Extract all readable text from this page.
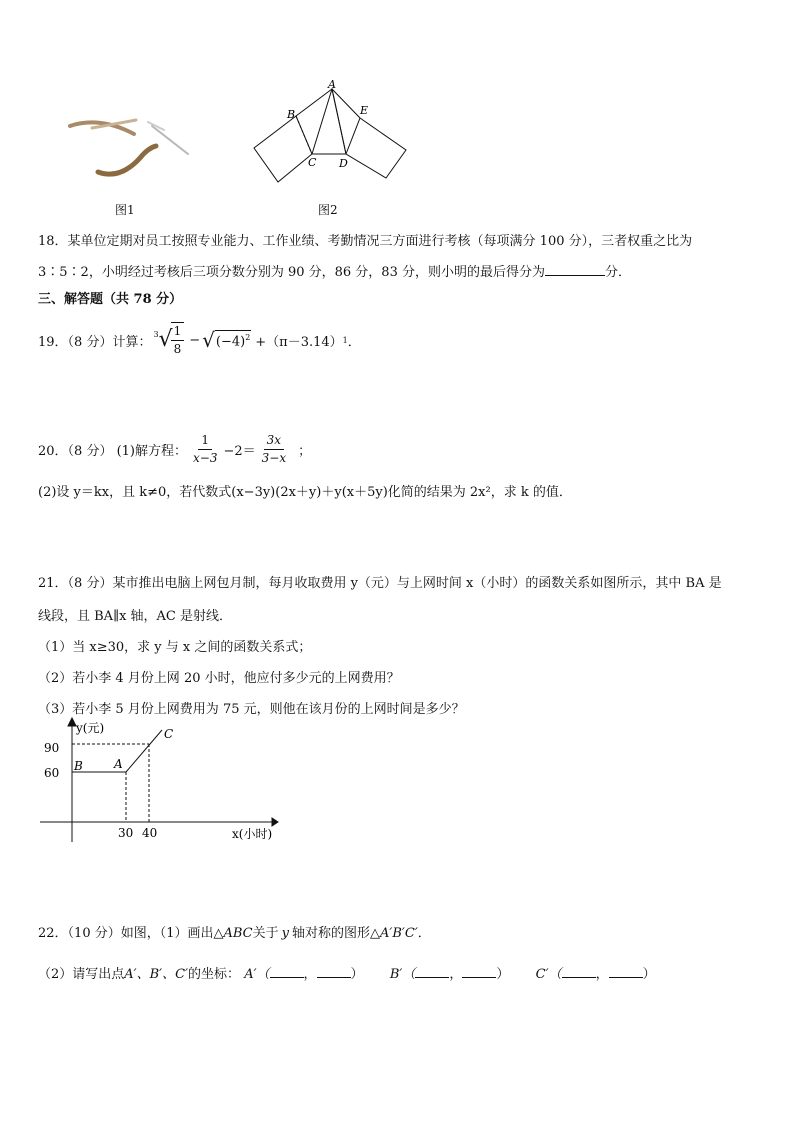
图1
A
B
C D
E
图2
18．某单位定期对员工按照专业能力、工作业绩、考勤情况三方面进行考核（每项满分 100 分），三者权重之比为
3∶5∶2，小明经过考核后三项分数分别为 90 分，86 分，83 分，则小明的最后得分为	分．
三、解答题（共 78 分）
19．（8 分）计算：
$^3$ √
$\frac{1}{8}$ − √ $(-4)^2 +(\pi-3.14)$ 1 ．
20．（8 分） (1)解方程： $\frac{1}{x-3} -2= \frac{3x}{3-x}$ ；
(2)设 y＝kx，且 k≠0，若代数式(x−3y)(2x＋y)＋y(x＋5y)化简的结果为 2x²，求 k 的值．
21．（8 分）某市推出电脑上网包月制，每月收取费用 y（元）与上网时间 x（小时）的函数关系如图所示，其中 BA 是
线段，且 BA∥x 轴，AC 是射线．
（1）当 x≥30，求 y 与 x 之间的函数关系式；
（2）若小李 4 月份上网 20 小时，他应付多少元的上网费用？
（3）若小李 5 月份上网费用为 75 元，则他在该月份的上网时间是多少？
y(元)
90
60 B	A
C
30 40	x(小时)
22．（10 分）如图，（1）画出△ABC关于 y 轴对称的图形△A′B′C′．
（2）请写出点A′、B′、C′的坐标： A′（	，	） B′（	，	） C′（	，	）
